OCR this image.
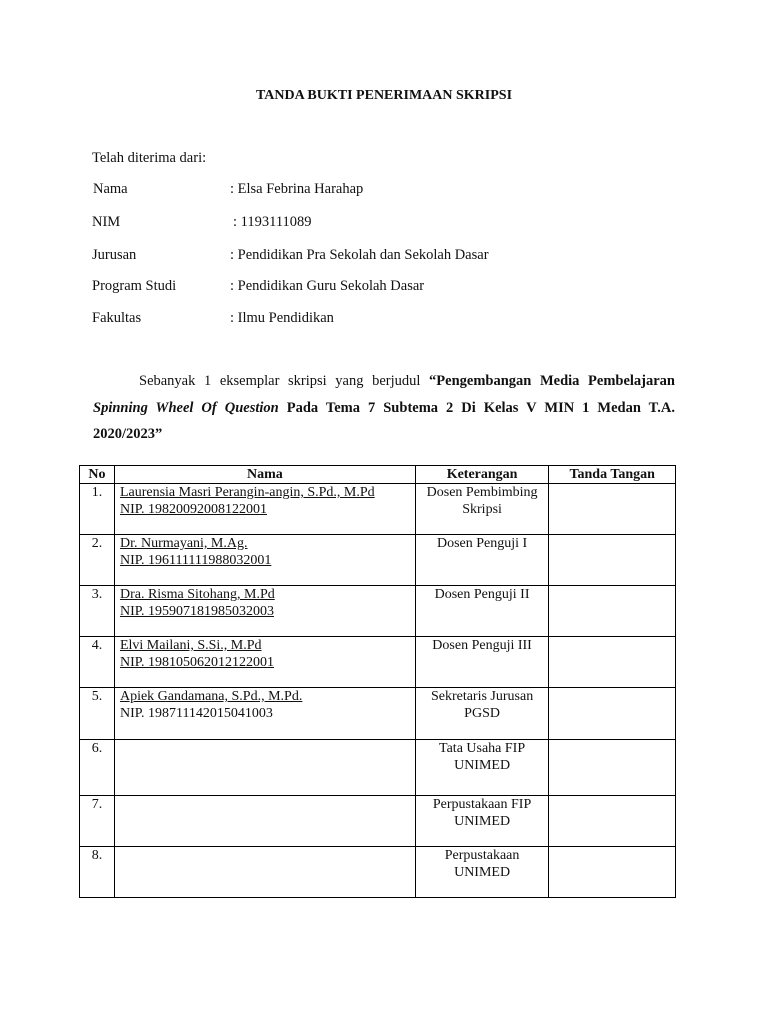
TANDA BUKTI PENERIMAAN SKRIPSI
Telah diterima dari:
Nama	: Elsa Febrina Harahap
NIM	: 1193111089
Jurusan	: Pendidikan Pra Sekolah dan Sekolah Dasar
Program Studi	: Pendidikan Guru Sekolah Dasar
Fakultas	: Ilmu Pendidikan
Sebanyak 1 eksemplar skripsi yang berjudul “Pengembangan Media Pembelajaran Spinning Wheel Of Question Pada Tema 7 Subtema 2 Di Kelas V MIN 1 Medan T.A. 2020/2023”
No	Nama	Keterangan	Tanda Tangan
1.	Laurensia Masri Perangin-angin, S.Pd., M.Pd
NIP. 19820092008122001	Dosen Pembimbing Skripsi	
2.	Dr. Nurmayani, M.Ag.
NIP. 196111111988032001	Dosen Penguji I	
3.	Dra. Risma Sitohang, M.Pd
NIP. 195907181985032003	Dosen Penguji II	
4.	Elvi Mailani, S.Si., M.Pd
NIP. 198105062012122001	Dosen Penguji III	
5.	Apiek Gandamana, S.Pd., M.Pd.
NIP. 198711142015041003	Sekretaris Jurusan PGSD	
6.		Tata Usaha FIP UNIMED	
7.		Perpustakaan FIP UNIMED	
8.		Perpustakaan UNIMED	
